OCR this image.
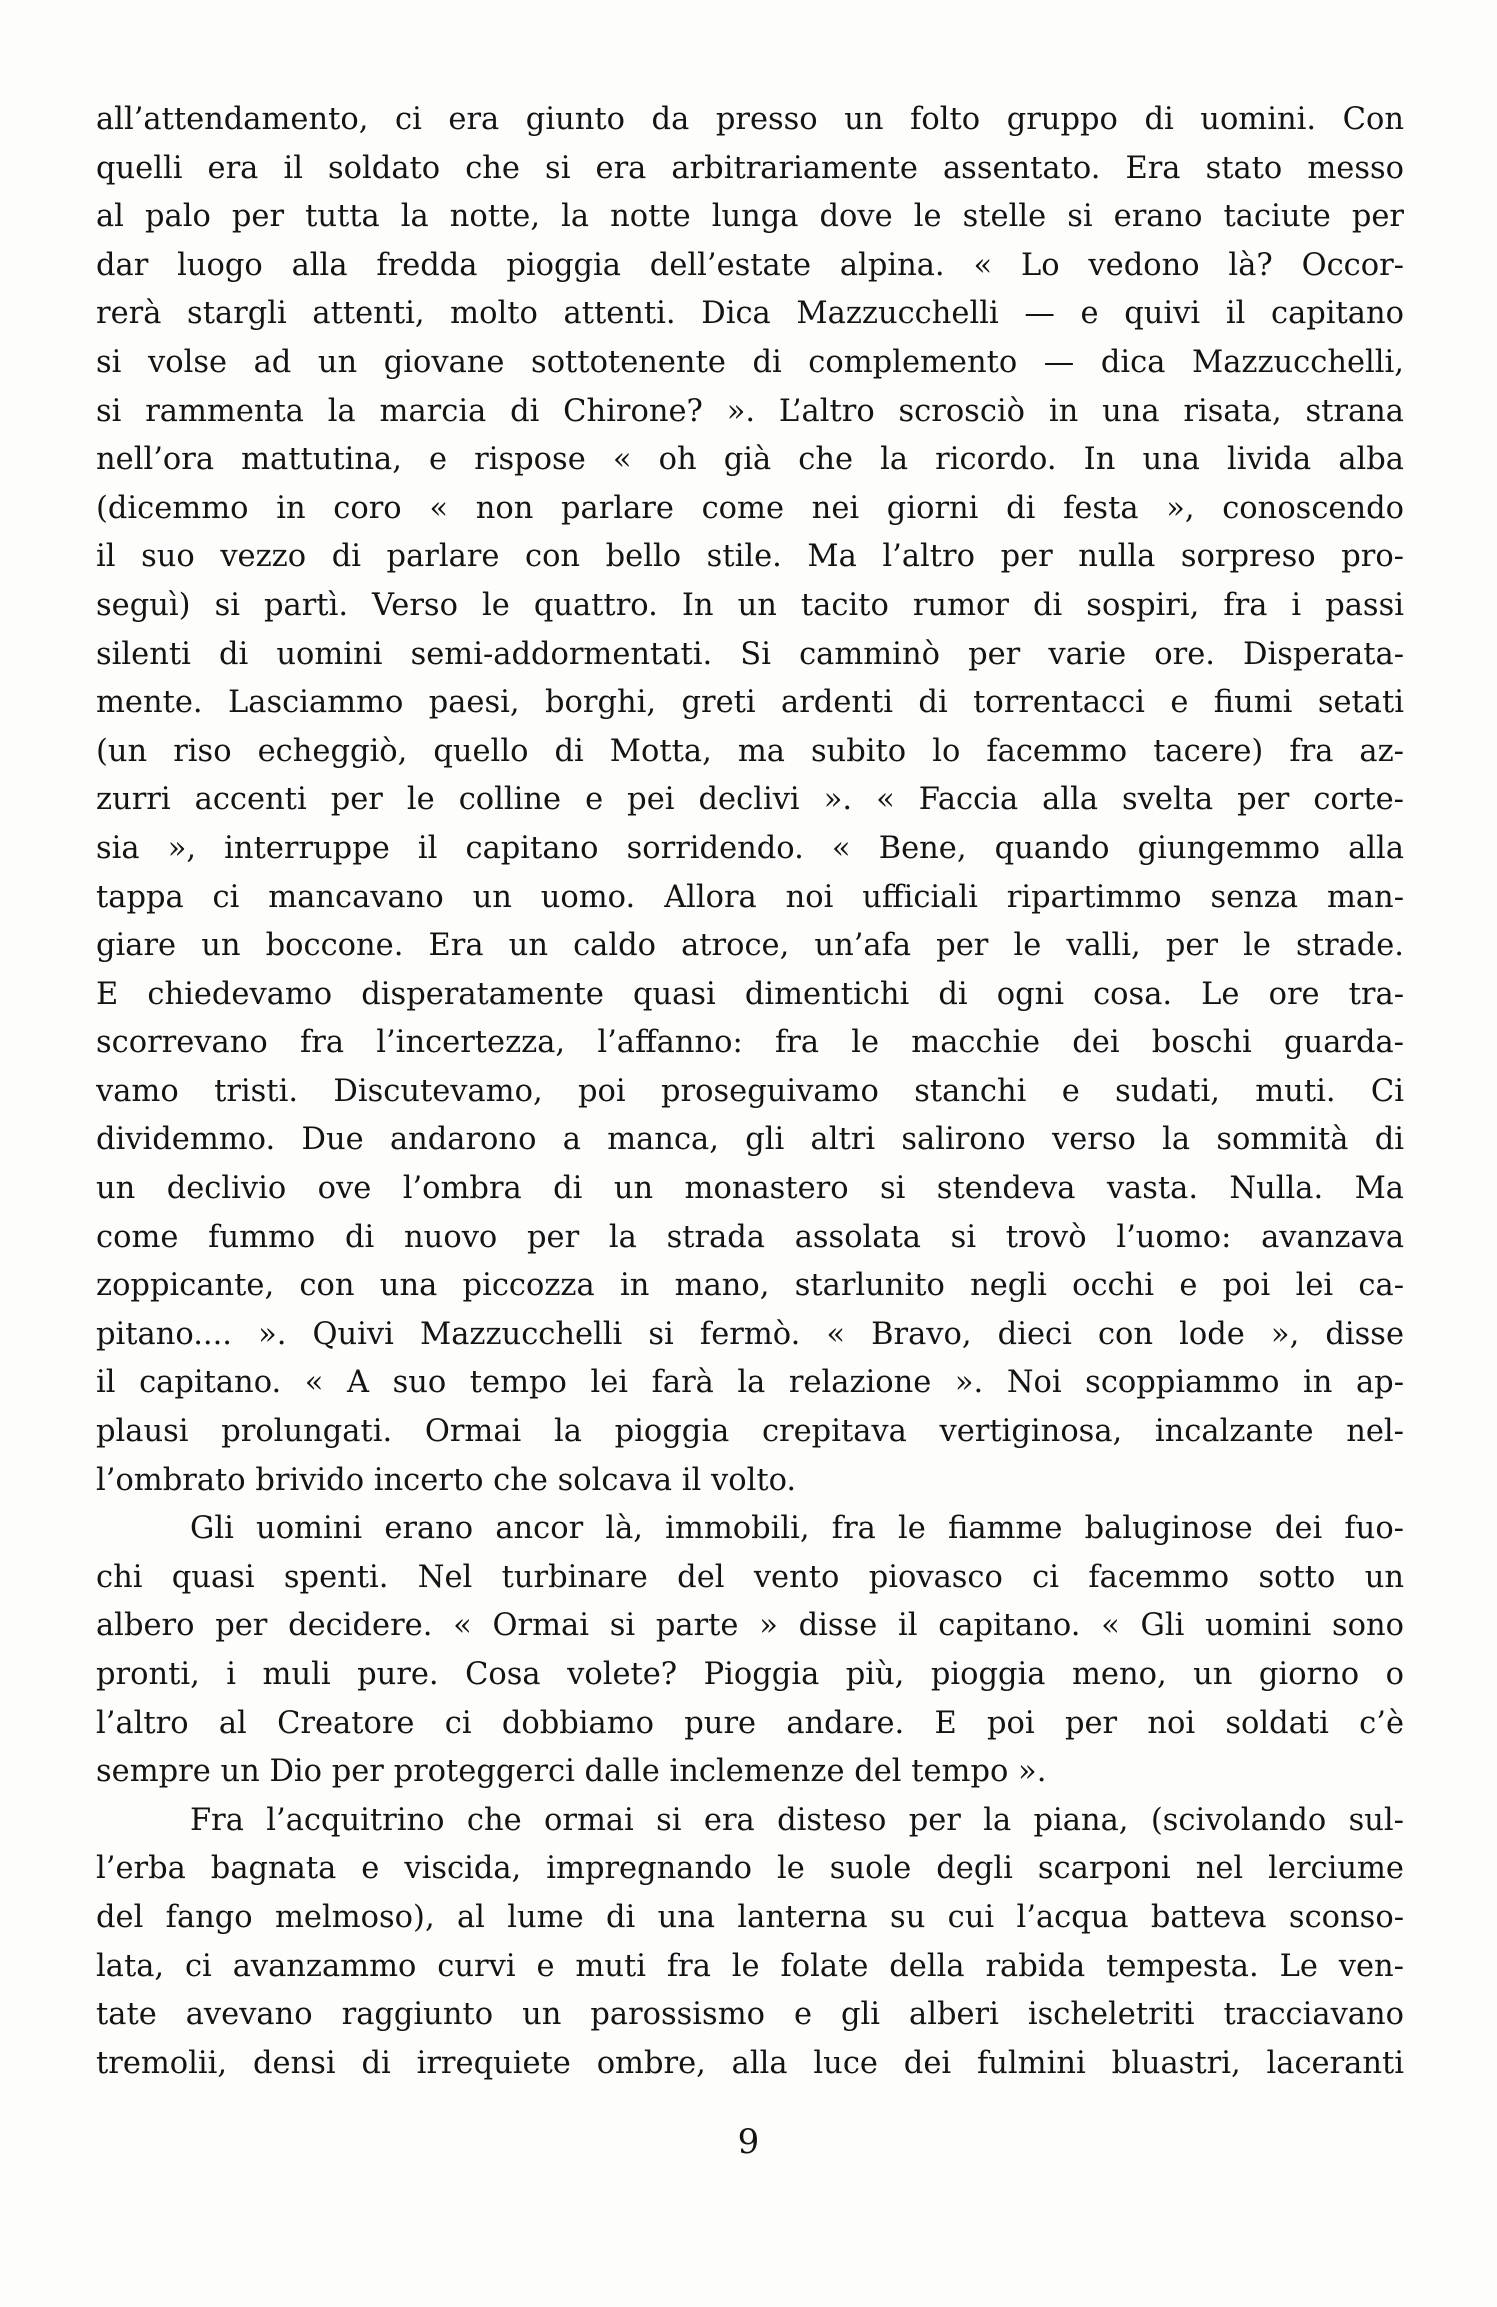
all’attendamento, ci era giunto da presso un folto gruppo di uomini. Con
quelli era il soldato che si era arbitrariamente assentato. Era stato messo
al palo per tutta la notte, la notte lunga dove le stelle si erano taciute per
dar luogo alla fredda pioggia dell’estate alpina. « Lo vedono là? Occor-
rerà stargli attenti, molto attenti. Dica Mazzucchelli — e quivi il capitano
si volse ad un giovane sottotenente di complemento — dica Mazzucchelli,
si rammenta la marcia di Chirone? ». L’altro scrosciò in una risata, strana
nell’ora mattutina, e rispose « oh già che la ricordo. In una livida alba
(dicemmo in coro « non parlare come nei giorni di festa », conoscendo
il suo vezzo di parlare con bello stile. Ma l’altro per nulla sorpreso pro-
seguì) si partì. Verso le quattro. In un tacito rumor di sospiri, fra i passi
silenti di uomini semi-addormentati. Si camminò per varie ore. Disperata-
mente. Lasciammo paesi, borghi, greti ardenti di torrentacci e fiumi setati
(un riso echeggiò, quello di Motta, ma subito lo facemmo tacere) fra az-
zurri accenti per le colline e pei declivi ». « Faccia alla svelta per corte-
sia », interruppe il capitano sorridendo. « Bene, quando giungemmo alla
tappa ci mancavano un uomo. Allora noi ufficiali ripartimmo senza man-
giare un boccone. Era un caldo atroce, un’afa per le valli, per le strade.
E chiedevamo disperatamente quasi dimentichi di ogni cosa. Le ore tra-
scorrevano fra l’incertezza, l’affanno: fra le macchie dei boschi guarda-
vamo tristi. Discutevamo, poi proseguivamo stanchi e sudati, muti. Ci
dividemmo. Due andarono a manca, gli altri salirono verso la sommità di
un declivio ove l’ombra di un monastero si stendeva vasta. Nulla. Ma
come fummo di nuovo per la strada assolata si trovò l’uomo: avanzava
zoppicante, con una piccozza in mano, starlunito negli occhi e poi lei ca-
pitano.... ». Quivi Mazzucchelli si fermò. « Bravo, dieci con lode », disse
il capitano. « A suo tempo lei farà la relazione ». Noi scoppiammo in ap-
plausi prolungati. Ormai la pioggia crepitava vertiginosa, incalzante nel-
l’ombrato brivido incerto che solcava il volto.
Gli uomini erano ancor là, immobili, fra le fiamme baluginose dei fuo-
chi quasi spenti. Nel turbinare del vento piovasco ci facemmo sotto un
albero per decidere. « Ormai si parte » disse il capitano. « Gli uomini sono
pronti, i muli pure. Cosa volete? Pioggia più, pioggia meno, un giorno o
l’altro al Creatore ci dobbiamo pure andare. E poi per noi soldati c’è
sempre un Dio per proteggerci dalle inclemenze del tempo ».
Fra l’acquitrino che ormai si era disteso per la piana, (scivolando sul-
l’erba bagnata e viscida, impregnando le suole degli scarponi nel lerciume
del fango melmoso), al lume di una lanterna su cui l’acqua batteva sconso-
lata, ci avanzammo curvi e muti fra le folate della rabida tempesta. Le ven-
tate avevano raggiunto un parossismo e gli alberi ischeletriti tracciavano
tremolii, densi di irrequiete ombre, alla luce dei fulmini bluastri, laceranti
9
